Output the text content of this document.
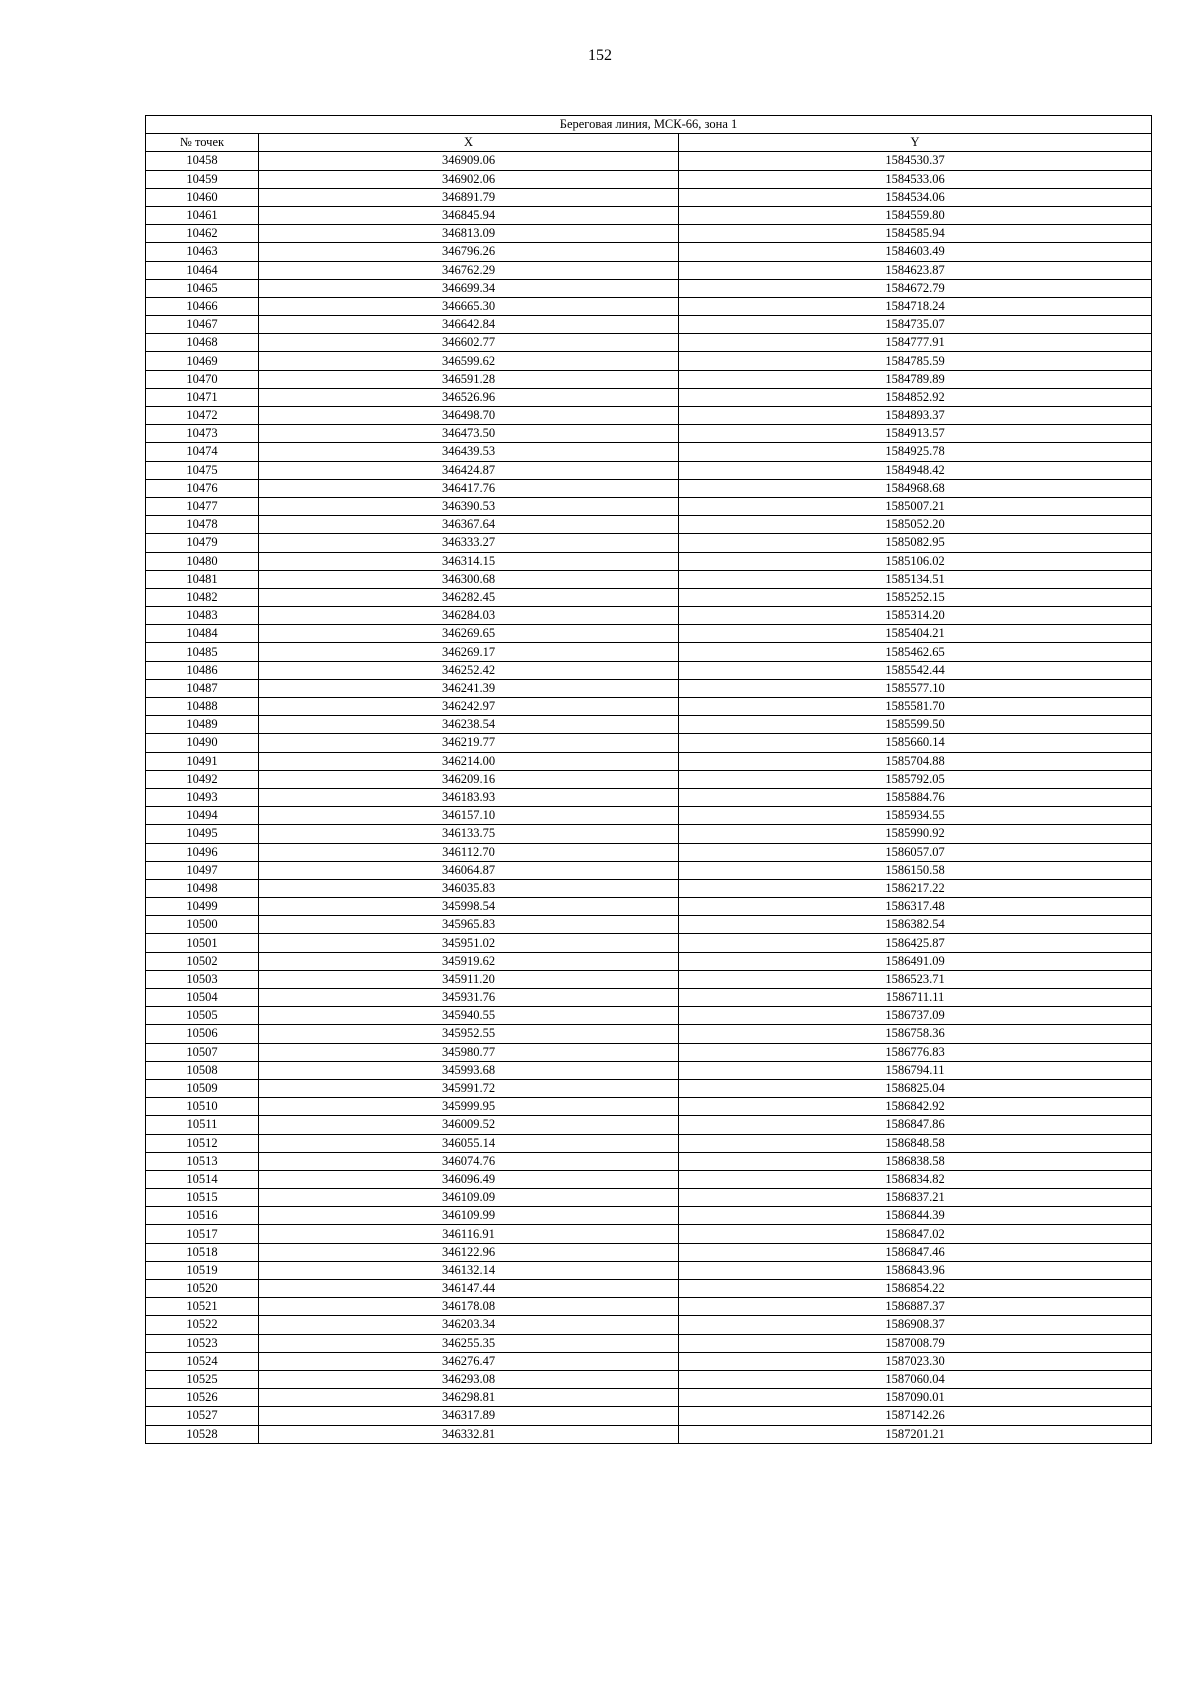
152
Береговая линия, МСК-66, зона 1		
№ точек	X	Y
10458	346909.06	1584530.37
10459	346902.06	1584533.06
10460	346891.79	1584534.06
10461	346845.94	1584559.80
10462	346813.09	1584585.94
10463	346796.26	1584603.49
10464	346762.29	1584623.87
10465	346699.34	1584672.79
10466	346665.30	1584718.24
10467	346642.84	1584735.07
10468	346602.77	1584777.91
10469	346599.62	1584785.59
10470	346591.28	1584789.89
10471	346526.96	1584852.92
10472	346498.70	1584893.37
10473	346473.50	1584913.57
10474	346439.53	1584925.78
10475	346424.87	1584948.42
10476	346417.76	1584968.68
10477	346390.53	1585007.21
10478	346367.64	1585052.20
10479	346333.27	1585082.95
10480	346314.15	1585106.02
10481	346300.68	1585134.51
10482	346282.45	1585252.15
10483	346284.03	1585314.20
10484	346269.65	1585404.21
10485	346269.17	1585462.65
10486	346252.42	1585542.44
10487	346241.39	1585577.10
10488	346242.97	1585581.70
10489	346238.54	1585599.50
10490	346219.77	1585660.14
10491	346214.00	1585704.88
10492	346209.16	1585792.05
10493	346183.93	1585884.76
10494	346157.10	1585934.55
10495	346133.75	1585990.92
10496	346112.70	1586057.07
10497	346064.87	1586150.58
10498	346035.83	1586217.22
10499	345998.54	1586317.48
10500	345965.83	1586382.54
10501	345951.02	1586425.87
10502	345919.62	1586491.09
10503	345911.20	1586523.71
10504	345931.76	1586711.11
10505	345940.55	1586737.09
10506	345952.55	1586758.36
10507	345980.77	1586776.83
10508	345993.68	1586794.11
10509	345991.72	1586825.04
10510	345999.95	1586842.92
10511	346009.52	1586847.86
10512	346055.14	1586848.58
10513	346074.76	1586838.58
10514	346096.49	1586834.82
10515	346109.09	1586837.21
10516	346109.99	1586844.39
10517	346116.91	1586847.02
10518	346122.96	1586847.46
10519	346132.14	1586843.96
10520	346147.44	1586854.22
10521	346178.08	1586887.37
10522	346203.34	1586908.37
10523	346255.35	1587008.79
10524	346276.47	1587023.30
10525	346293.08	1587060.04
10526	346298.81	1587090.01
10527	346317.89	1587142.26
10528	346332.81	1587201.21
